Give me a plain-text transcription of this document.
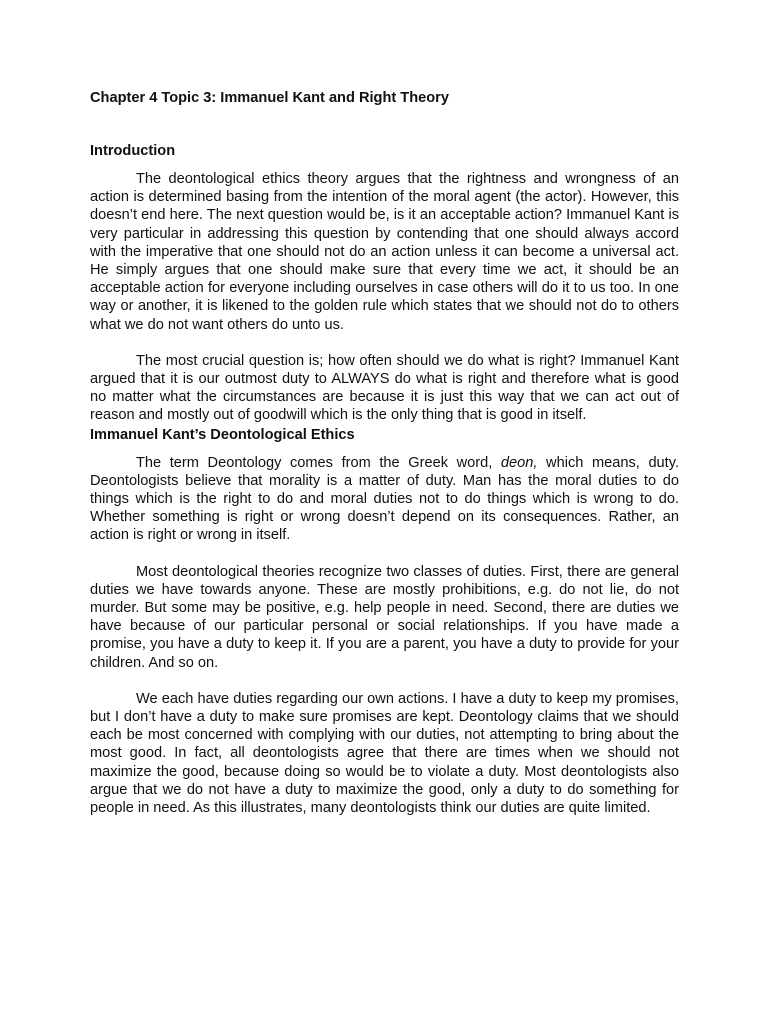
Chapter 4 Topic 3: Immanuel Kant and Right Theory
Introduction

The deontological ethics theory argues that the rightness and wrongness of an action is determined basing from the intention of the moral agent (the actor). However, this doesn’t end here. The next question would be, is it an acceptable action? Immanuel Kant is very particular in addressing this question by contending that one should always accord with the imperative that one should not do an action unless it can become a universal act. He simply argues that one should make sure that every time we act, it should be an acceptable action for everyone including ourselves in case others will do it to us too. In one way or another, it is likened to the golden rule which states that we should not do to others what we do not want others do unto us.

The most crucial question is; how often should we do what is right? Immanuel Kant argued that it is our outmost duty to ALWAYS do what is right and therefore what is good no matter what the circumstances are because it is just this way that we can act out of reason and mostly out of goodwill which is the only thing that is good in itself.

Immanuel Kant’s Deontological Ethics

The term Deontology comes from the Greek word, deon, which means, duty. Deontologists believe that morality is a matter of duty. Man has the moral duties to do things which is the right to do and moral duties not to do things which is wrong to do. Whether something is right or wrong doesn’t depend on its consequences. Rather, an action is right or wrong in itself.

Most deontological theories recognize two classes of duties. First, there are general duties we have towards anyone. These are mostly prohibitions, e.g. do not lie, do not murder. But some may be positive, e.g. help people in need. Second, there are duties we have because of our particular personal or social relationships. If you have made a promise, you have a duty to keep it. If you are a parent, you have a duty to provide for your children. And so on.

We each have duties regarding our own actions. I have a duty to keep my promises, but I don’t have a duty to make sure promises are kept. Deontology claims that we should each be most concerned with complying with our duties, not attempting to bring about the most good. In fact, all deontologists agree that there are times when we should not maximize the good, because doing so would be to violate a duty. Most deontologists also argue that we do not have a duty to maximize the good, only a duty to do something for people in need. As this illustrates, many deontologists think our duties are quite limited.
